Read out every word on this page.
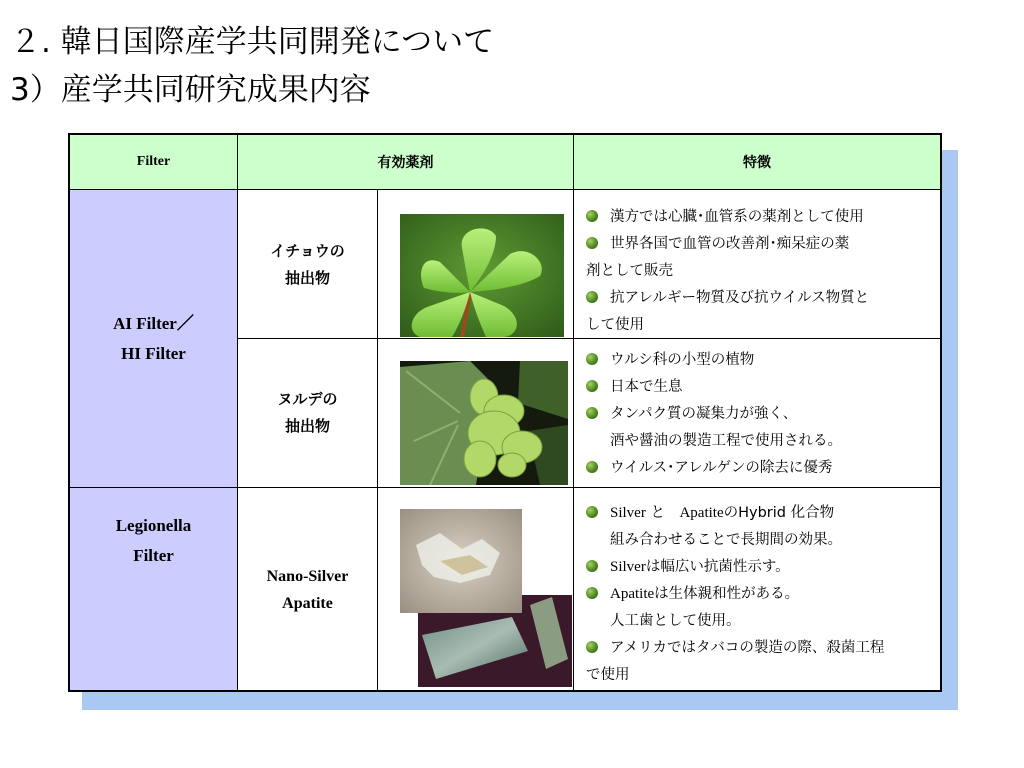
２. 韓日国際産学共同開発について
3）産学共同研究成果内容
Filter	有効薬剤	特徴
AI Filter／
HI Filter
Legionella
Filter
イチョウの
抽出物
ヌルデの
抽出物
Nano-Silver
Apatite
漢方では心臓･血管系の薬剤として使用
世界各国で血管の改善剤･痴呆症の薬
剤として販売
抗アレルギー物質及び抗ウイルス物質と
して使用
ウルシ科の小型の植物
日本で生息
タンパク質の凝集力が強く、
酒や醤油の製造工程で使用される。
ウイルス･アレルゲンの除去に優秀
Silver と　ApatiteのHybrid 化合物
組み合わせることで長期間の効果。
Silverは幅広い抗菌性示す。
Apatiteは生体親和性がある。
人工歯として使用。
アメリカではタバコの製造の際、殺菌工程
で使用
